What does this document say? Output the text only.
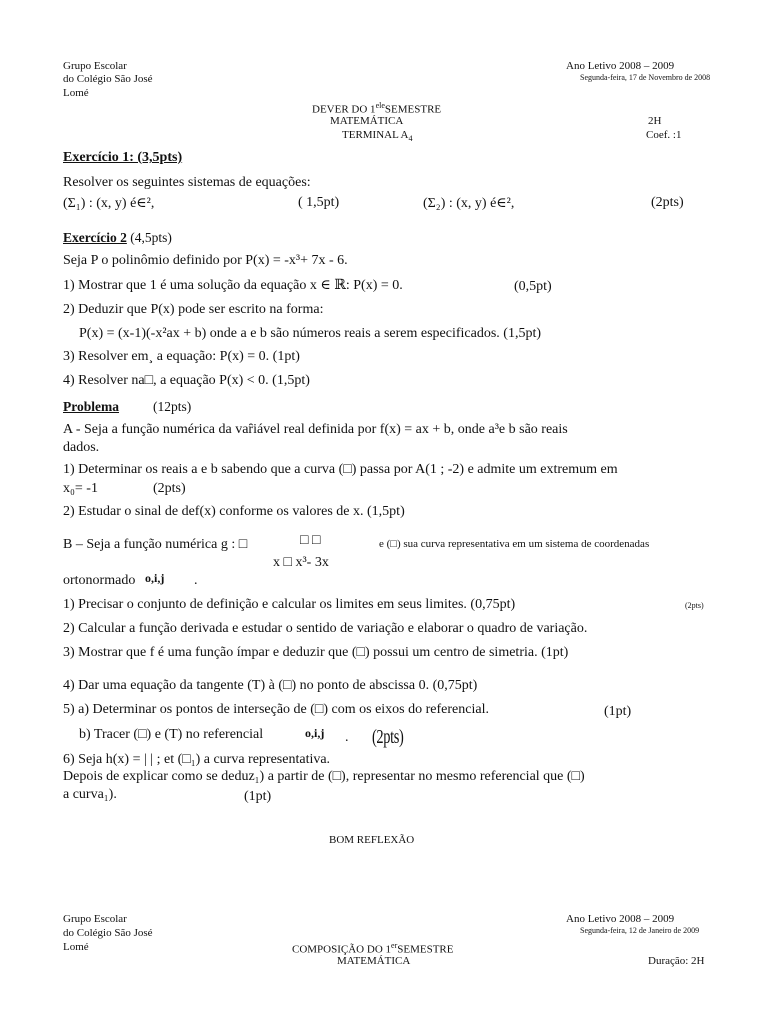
Grupo Escolar
do Colégio São José
Lomé
Ano Letivo 2008 – 2009
Segunda-feira, 17 de Novembro de 2008
DEVER DO $1^{ele}SEMESTRE$
MATEMÁTICA	2H
TERMINAL $A_4$	Coef. :1
Exercício 1: (3,5pts)
Resolver os seguintes sistemas de equações:
(Σ₁) : (x, y) é∈²,	( 1,5pt)	(Σ₂) : (x, y) é∈²,	(2pts)
Exercício 2 (4,5pts)
Seja P o polinômio definido por P(x) = -x³+ 7x - 6.
1) Mostrar que 1 é uma solução da equação x ∈ ℝ: P(x) = 0.	(0,5pt)
2) Deduzir que P(x) pode ser escrito na forma:
P(x) = (x-1)(-x²ax + b) onde a e b são números reais a serem especificados. (1,5pt)
3) Resolver em¸ a equação: P(x) = 0. (1pt)
4) Resolver na□, a equação P(x) < 0. (1,5pt)
Problema	(12pts)
A - Seja a função numérica da vaȓiável real definida por f(x) = ax + b, onde a³e b são reais
dados.
1) Determinar os reais a e b sabendo que a curva (□) passa por A(1 ; -2) e admite um extremum em
x₀= -1	(2pts)
2) Estudar o sinal de def(x) conforme os valores de x. (1,5pt)
B – Seja a função numérica g : □	□ □	e (□) sua curva representativa em um sistema de coordenadas
x □ x³- 3x
ortonormado o,i,j .
1) Precisar o conjunto de definição e calcular os limites em seus limites. (0,75pt)	(2pts)
2) Calcular a função derivada e estudar o sentido de variação e elaborar o quadro de variação.
3) Mostrar que f é uma função ímpar e deduzir que (□) possui um centro de simetria. (1pt)
4) Dar uma equação da tangente (T) à (□) no ponto de abscissa 0. (0,75pt)
5) a) Determinar os pontos de interseção de (□) com os eixos do referencial.	(1pt)
b) Tracer (□) e (T) no referencial	o,i,j . (2pts)
6) Seja h(x) = | | ; et (□₁) a curva representativa.
Depois de explicar como se deduz₁) a partir de (□), representar no mesmo referencial que (□)
a curva₁).	(1pt)
BOM REFLEXÃO
Grupo Escolar
do Colégio São José
Lomé
Ano Letivo 2008 – 2009
Segunda-feira, 12 de Janeiro de 2009
COMPOSIÇÃO DO 1erSEMESTRE
MATEMÁTICA	Duração: 2H
